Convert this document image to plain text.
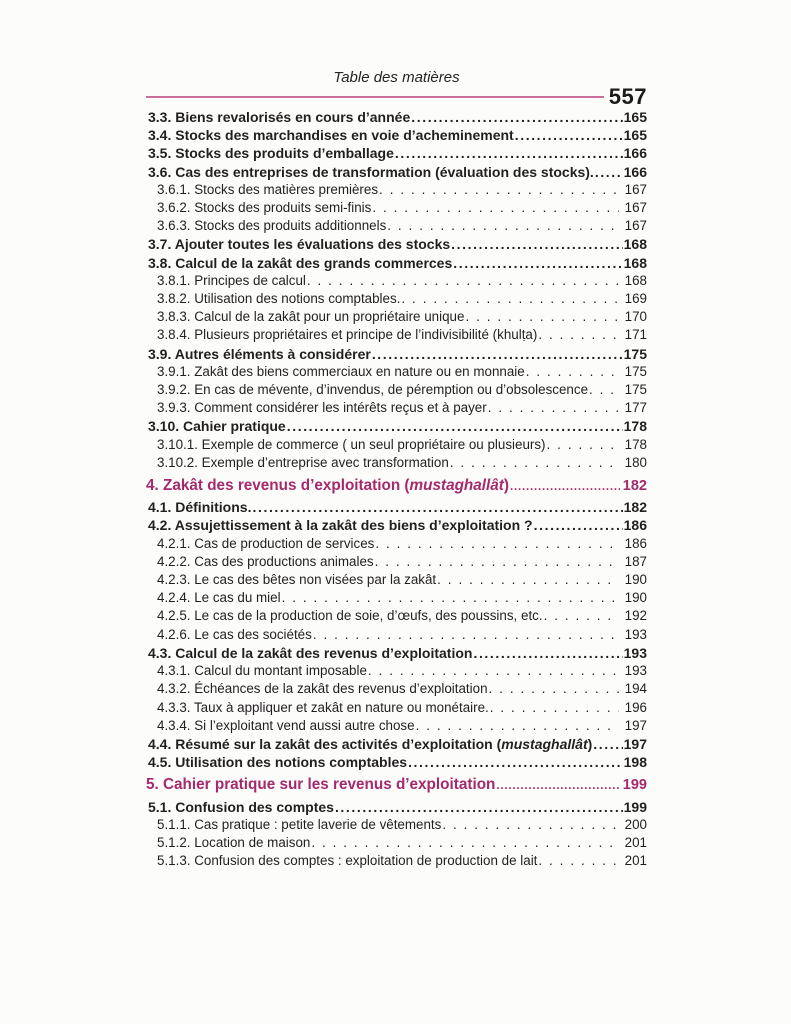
Table des matières
557
3.3. Biens revalorisés en cours d’année .....	165
3.4. Stocks des marchandises en voie d’acheminement .....	165
3.5. Stocks des produits d’emballage .....	166
3.6. Cas des entreprises de transformation (évaluation des stocks). ..... 166
3.6.1. Stocks des matières premières . . .	167
3.6.2. Stocks des produits semi-finis . . .	167
3.6.3. Stocks des produits additionnels . . .	167
3.7. Ajouter toutes les évaluations des stocks .....	168
3.8. Calcul de la zakât des grands commerces .....	168
3.8.1. Principes de calcul . . .	168
3.8.2. Utilisation des notions comptables. . . .	169
3.8.3. Calcul de la zakât pour un propriétaire unique . . .	170
3.8.4. Plusieurs propriétaires et principe de l’indivisibilité (khulṭa) . . .	171
3.9. Autres éléments à considérer .....	175
3.9.1. Zakât des biens commerciaux en nature ou en monnaie . . .	175
3.9.2. En cas de mévente, d’invendus, de péremption ou d’obsolescence . . .	175
3.9.3. Comment considérer les intérêts reçus et à payer . . .	177
3.10. Cahier pratique .....	178
3.10.1. Exemple de commerce ( un seul propriétaire ou plusieurs) . . .	178
3.10.2. Exemple d’entreprise avec transformation . . .	180
4. Zakât des revenus d’exploitation (mustaghallât) .....	182
4.1. Définitions. .....	182
4.2. Assujettissement à la zakât des biens d’exploitation ? .....	186
4.2.1. Cas de production de services . . .	186
4.2.2. Cas des productions animales . . .	187
4.2.3. Le cas des bêtes non visées par la zakât . . .	190
4.2.4. Le cas du miel . . .	190
4.2.5. Le cas de la production de soie, d’œufs, des poussins, etc. . . .	192
4.2.6. Le cas des sociétés . . .	193
4.3. Calcul de la zakât des revenus d’exploitation .....	193
4.3.1. Calcul du montant imposable . . .	193
4.3.2. Échéances de la zakât des revenus d’exploitation . . .	194
4.3.3. Taux à appliquer et zakât en nature ou monétaire. . . .	196
4.3.4. Si l’exploitant vend aussi autre chose . . .	197
4.4. Résumé sur la zakât des activités d’exploitation (mustaghallât) ..... 197
4.5. Utilisation des notions comptables .....	198
5. Cahier pratique sur les revenus d’exploitation .....	199
5.1. Confusion des comptes .....	199
5.1.1. Cas pratique : petite laverie de vêtements . . .	200
5.1.2. Location de maison . . .	201
5.1.3. Confusion des comptes : exploitation de production de lait . . .	201
